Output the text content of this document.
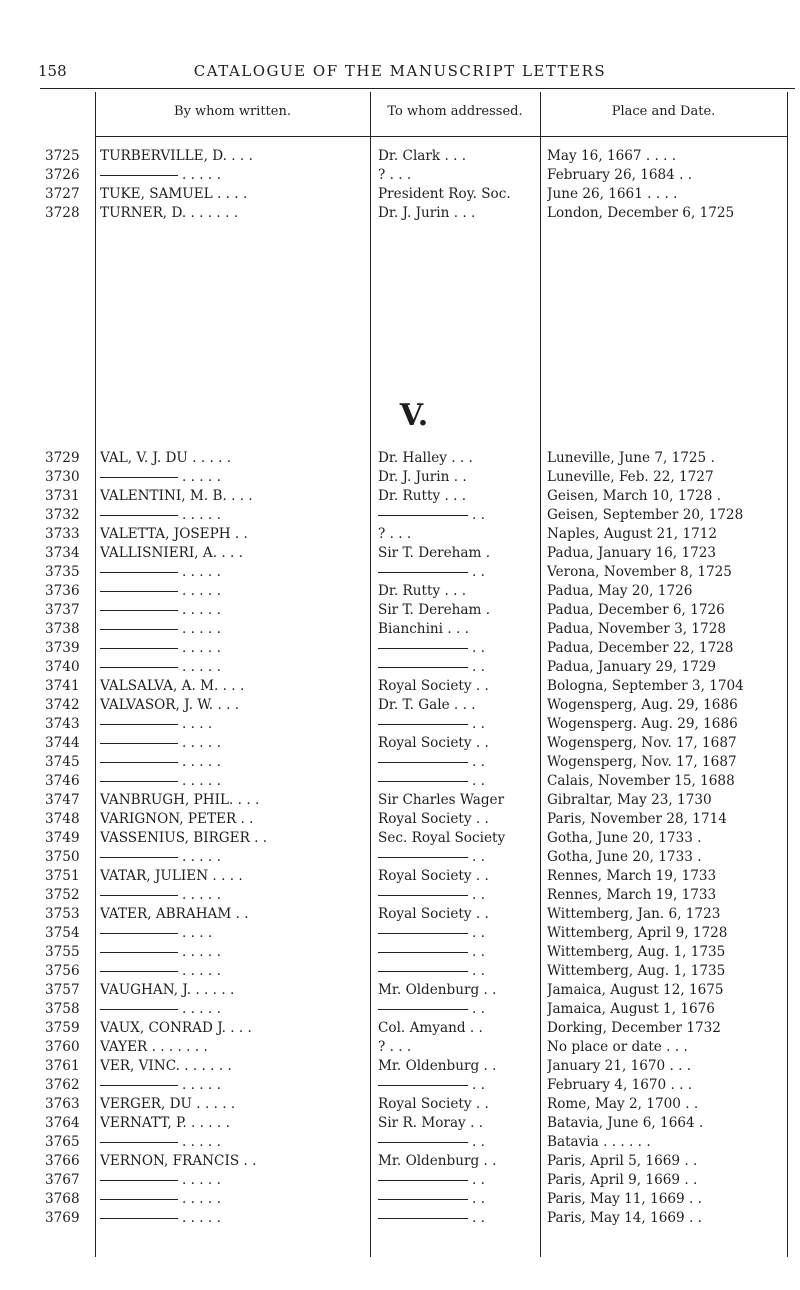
158	CATALOGUE OF THE MANUSCRIPT LETTERS
By whom written.	To whom addressed.	Place and Date.
3725	TURBERVILLE, D. . . .	Dr. Clark . . .	May 16, 1667 . . . .
3726	. . . . .	? . . .	February 26, 1684 . .
3727	TUKE, SAMUEL . . . .	President Roy. Soc.	June 26, 1661 . . . .
3728	TURNER, D. . . . . . .	Dr. J. Jurin . . .	London, December 6, 1725
V.
3729	VAL, V. J. DU . . . . .	Dr. Halley . . .	Luneville, June 7, 1725 .
3730	. . . . .	Dr. J. Jurin . .	Luneville, Feb. 22, 1727
3731	VALENTINI, M. B. . . .	Dr. Rutty . . .	Geisen, March 10, 1728 .
3732	. . . . .	. .	Geisen, September 20, 1728
3733	VALETTA, JOSEPH . .	? . . .	Naples, August 21, 1712
3734	VALLISNIERI, A. . . .	Sir T. Dereham .	Padua, January 16, 1723
3735	. . . . .	. .	Verona, November 8, 1725
3736	. . . . .	Dr. Rutty . . .	Padua, May 20, 1726
3737	. . . . .	Sir T. Dereham .	Padua, December 6, 1726
3738	. . . . .	Bianchini . . .	Padua, November 3, 1728
3739	. . . . .	. .	Padua, December 22, 1728
3740	. . . . .	. .	Padua, January 29, 1729
3741	VALSALVA, A. M. . . .	Royal Society . .	Bologna, September 3, 1704
3742	VALVASOR, J. W. . . .	Dr. T. Gale . . .	Wogensperg, Aug. 29, 1686
3743	. . . .	. .	Wogensperg. Aug. 29, 1686
3744	. . . . .	Royal Society . .	Wogensperg, Nov. 17, 1687
3745	. . . . .	. .	Wogensperg, Nov. 17, 1687
3746	. . . . .	. .	Calais, November 15, 1688
3747	VANBRUGH, PHIL. . . .	Sir Charles Wager	Gibraltar, May 23, 1730
3748	VARIGNON, PETER . .	Royal Society . .	Paris, November 28, 1714
3749	VASSENIUS, BIRGER . .	Sec. Royal Society	Gotha, June 20, 1733 .
3750	. . . . .	. .	Gotha, June 20, 1733 .
3751	VATAR, JULIEN . . . .	Royal Society . .	Rennes, March 19, 1733
3752	. . . . .	. .	Rennes, March 19, 1733
3753	VATER, ABRAHAM . .	Royal Society . .	Wittemberg, Jan. 6, 1723
3754	. . . .	. .	Wittemberg, April 9, 1728
3755	. . . . .	. .	Wittemberg, Aug. 1, 1735
3756	. . . . .	. .	Wittemberg, Aug. 1, 1735
3757	VAUGHAN, J. . . . . .	Mr. Oldenburg . .	Jamaica, August 12, 1675
3758	. . . . .	. .	Jamaica, August 1, 1676
3759	VAUX, CONRAD J. . . .	Col. Amyand . .	Dorking, December 1732
3760	VAYER . . . . . . .	? . . .	No place or date . . .
3761	VER, VINC. . . . . . .	Mr. Oldenburg . .	January 21, 1670 . . .
3762	. . . . .	. .	February 4, 1670 . . .
3763	VERGER, DU . . . . .	Royal Society . .	Rome, May 2, 1700 . .
3764	VERNATT, P. . . . . .	Sir R. Moray . .	Batavia, June 6, 1664 .
3765	. . . . .	. .	Batavia . . . . . .
3766	VERNON, FRANCIS . .	Mr. Oldenburg . .	Paris, April 5, 1669 . .
3767	. . . . .	. .	Paris, April 9, 1669 . .
3768	. . . . .	. .	Paris, May 11, 1669 . .
3769	. . . . .	. .	Paris, May 14, 1669 . .
